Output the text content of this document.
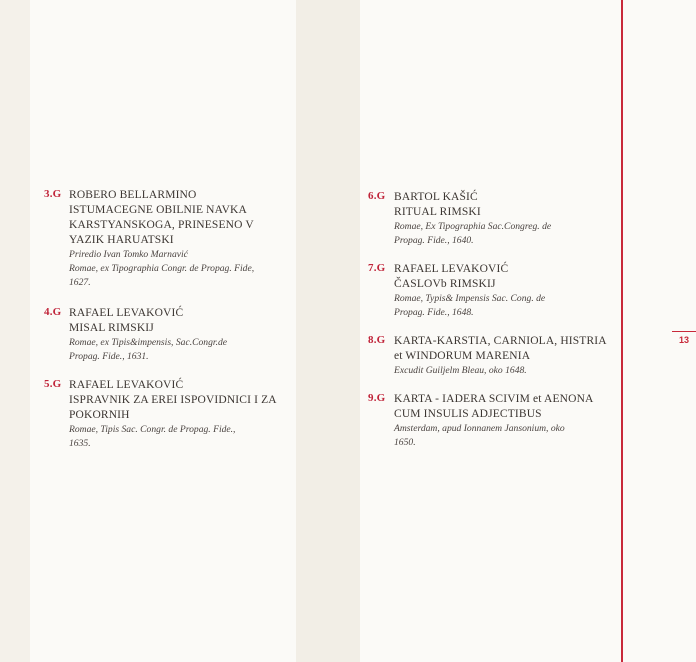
13
3.G ROBERO BELLARMINO
ISTUMACEGNE OBILNIE NAVKA
KARSTYANSKOGA, PRINESENO V
YAZIK HARUATSKI
Priredio Ivan Tomko Marnavić
Romae, ex Tipographia Congr. de Propag. Fide,
1627.
4.G RAFAEL LEVAKOVIĆ
MISAL RIMSKIJ
Romae, ex Tipis&impensis, Sac.Congr.de
Propag. Fide., 1631.
5.G RAFAEL LEVAKOVIĆ
ISPRAVNIK ZA EREI ISPOVIDNICI I ZA
POKORNIH
Romae, Tipis Sac. Congr. de Propag. Fide.,
1635.
6.G BARTOL KAŠIĆ
RITUAL RIMSKI
Romae, Ex Tipographia Sac.Congreg. de
Propag. Fide., 1640.
7.G RAFAEL LEVAKOVIĆ
ČASLOVb RIMSKIJ
Romae, Typis& Impensis Sac. Cong. de
Propag. Fide., 1648.
8.G KARTA-KARSTIA, CARNIOLA, HISTRIA
et WINDORUM MARENIA
Excudit Guiljelm Bleau, oko 1648.
9.G KARTA - IADERA SCIVIM et AENONA
CUM INSULIS ADJECTIBUS
Amsterdam, apud Ionnanem Jansonium, oko
1650.
